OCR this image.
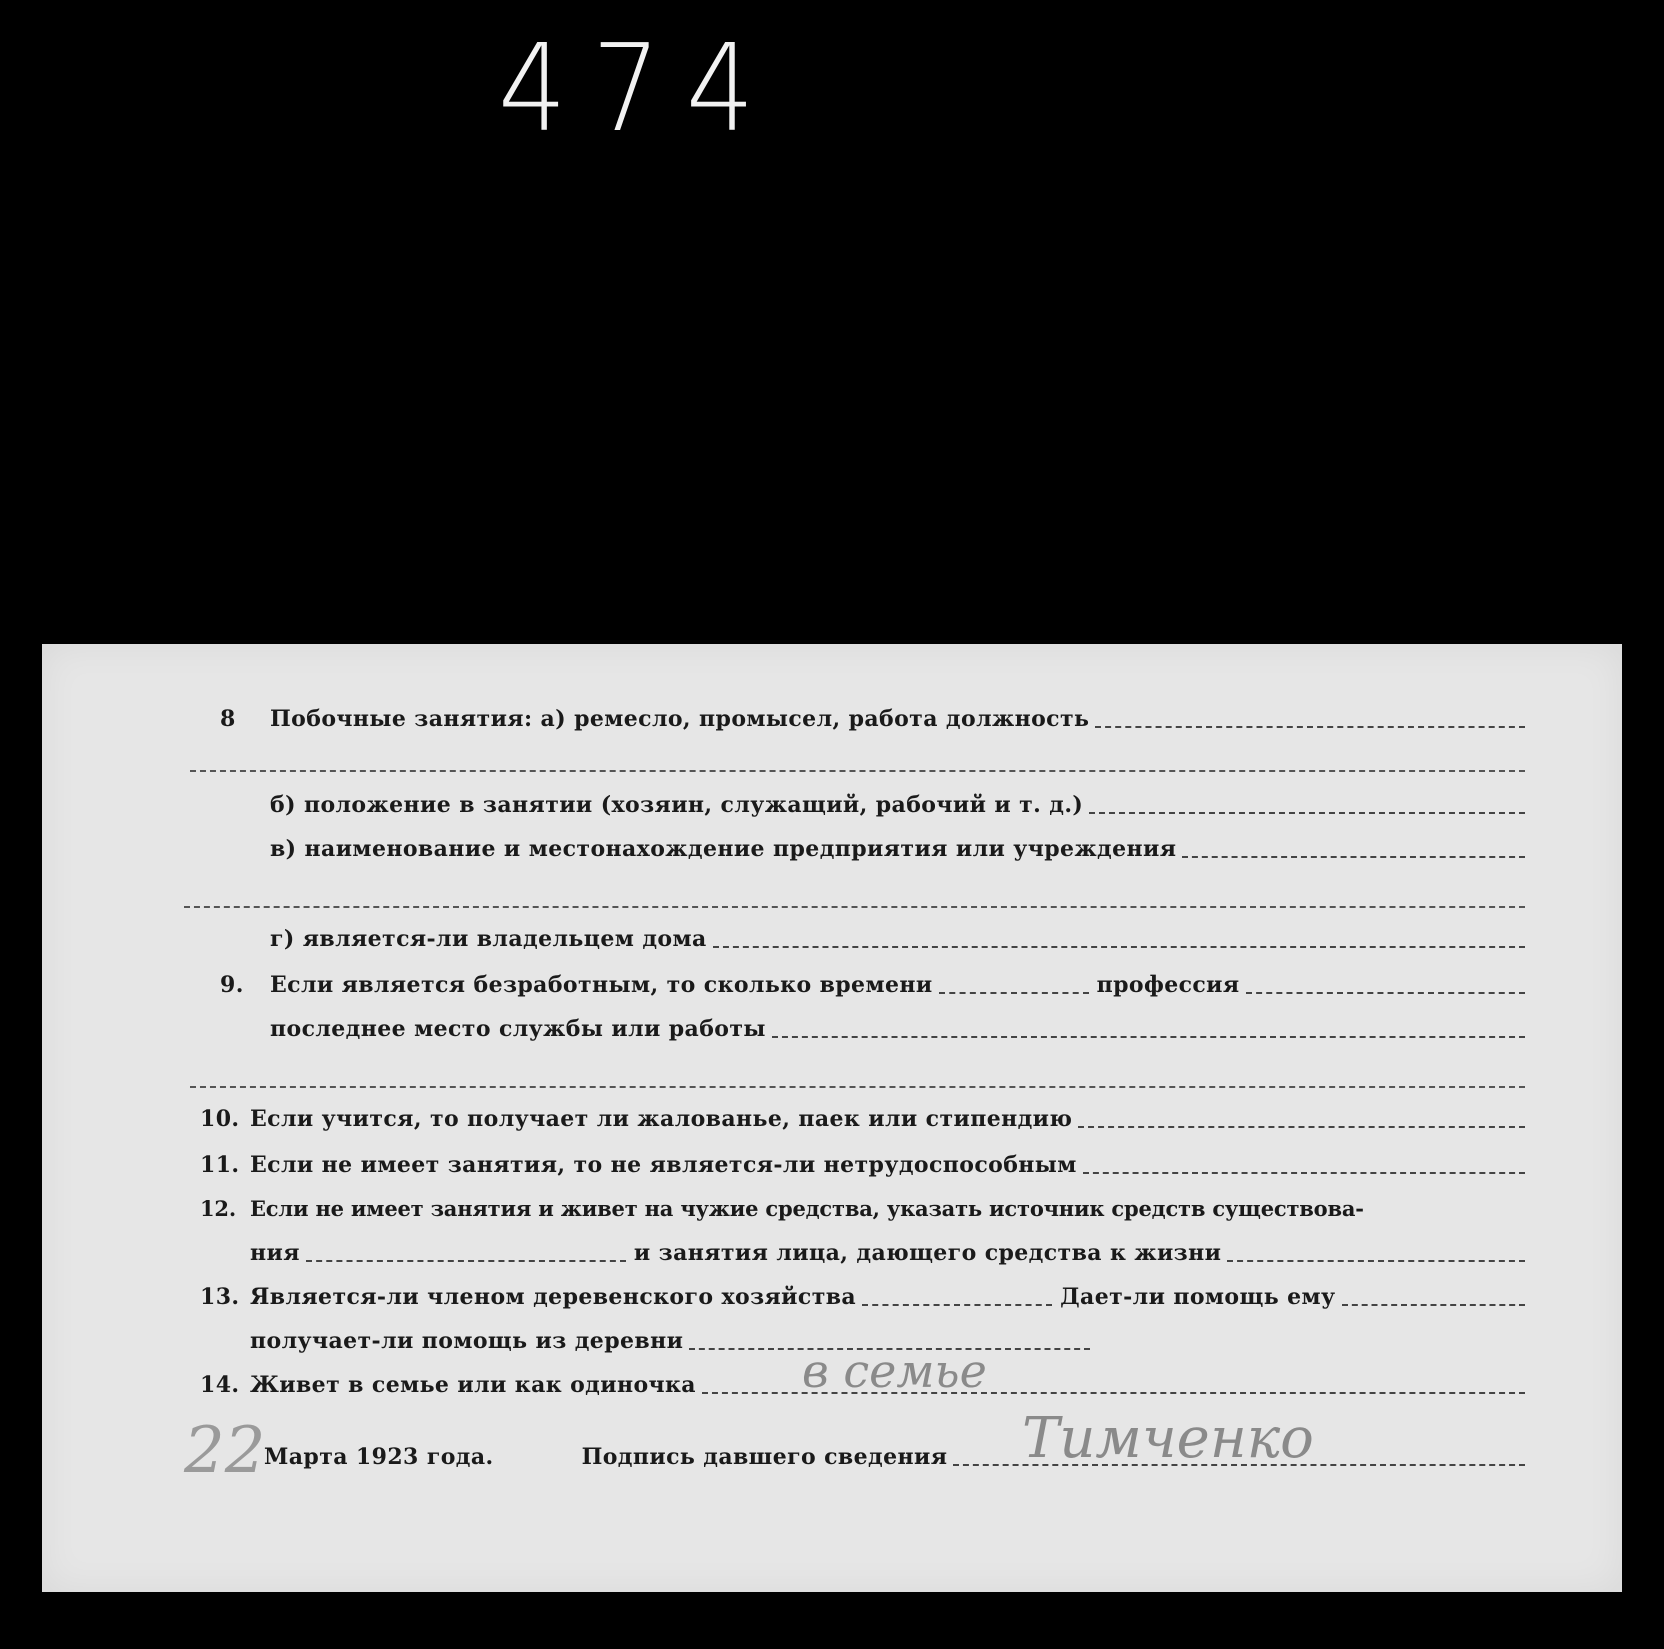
474
8	Побочные занятия: а) ремесло, промысел, работа должность
б) положение в занятии (хозяин, служащий, рабочий и т. д.)
в) наименование и местонахождение предприятия или учреждения
г) является-ли владельцем дома
9.	Если является безработным, то сколько времени	профессия
последнее место службы или работы
10. Если учится, то получает ли жалованье, паек или стипендию
11. Если не имеет занятия, то не является-ли нетрудоспособным
12. Если не имеет занятия и живет на чужие средства, указать источник средств существова-
ния	и занятия лица, дающего средства к жизни
13. Является-ли членом деревенского хозяйства	Дает-ли помощь ему
получает-ли помощь из деревни
14. Живет в семье или как одиночка в семье
22
Марта 1923 года.	Подпись давшего сведения Тимченко
